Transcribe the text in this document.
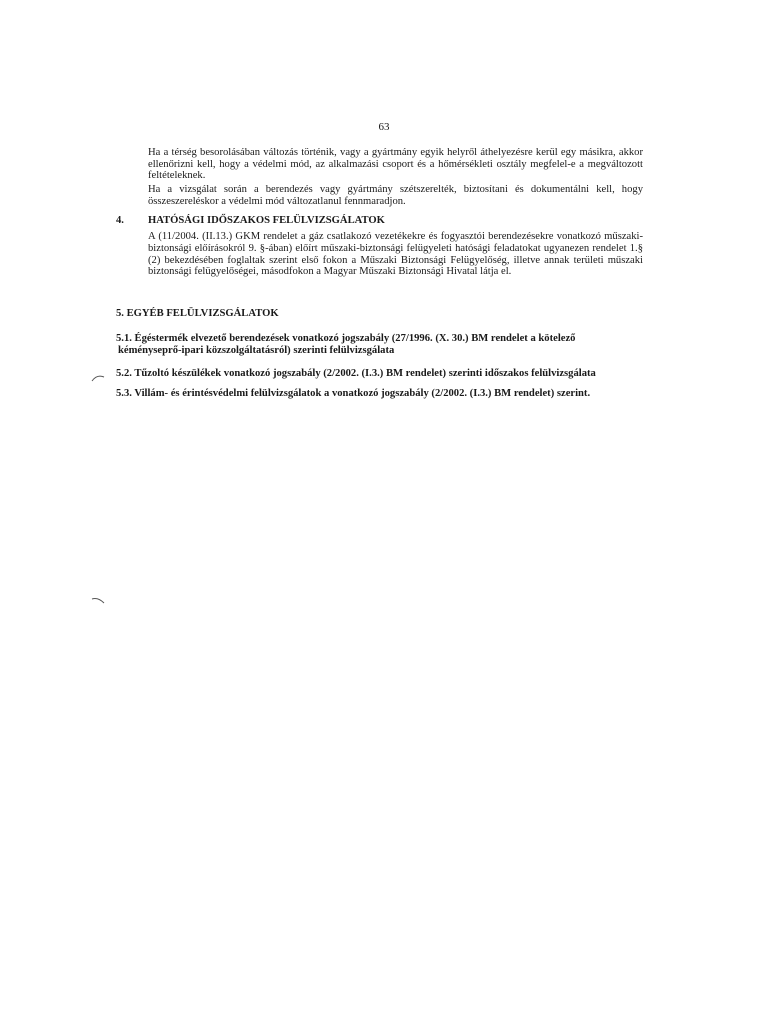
63
Ha a térség besorolásában változás történik, vagy a gyártmány egyik helyről áthelyezésre kerül egy másikra, akkor ellenőrizni kell, hogy a védelmi mód, az alkalmazási csoport és a hőmérsékleti osztály megfelel-e a megváltozott feltételeknek.
Ha a vizsgálat során a berendezés vagy gyártmány szétszerelték, biztosítani és dokumentálni kell, hogy összeszereléskor a védelmi mód változatlanul fennmaradjon.
4. HATÓSÁGI IDŐSZAKOS FELÜLVIZSGÁLATOK
A (11/2004. (II.13.) GKM rendelet a gáz csatlakozó vezetékekre és fogyasztói berendezésekre vonatkozó műszaki-biztonsági előírásokról 9. §-ában) előírt műszaki-biztonsági felügyeleti hatósági feladatokat ugyanezen rendelet 1.§ (2) bekezdésében foglaltak szerint első fokon a Műszaki Biztonsági Felügyelőség, illetve annak területi műszaki biztonsági felügyelőségei, másodfokon a Magyar Műszaki Biztonsági Hivatal látja el.
5. EGYÉB FELÜLVIZSGÁLATOK
5.1. Égéstermék elvezető berendezések vonatkozó jogszabály (27/1996. (X. 30.) BM rendelet a kötelező
kéményseprő-ipari közszolgáltatásról) szerinti felülvizsgálata
5.2. Tűzoltó készülékek vonatkozó jogszabály (2/2002. (I.3.) BM rendelet) szerinti időszakos felülvizsgálata
5.3. Villám- és érintésvédelmi felülvizsgálatok a vonatkozó jogszabály (2/2002. (I.3.) BM rendelet) szerint.
